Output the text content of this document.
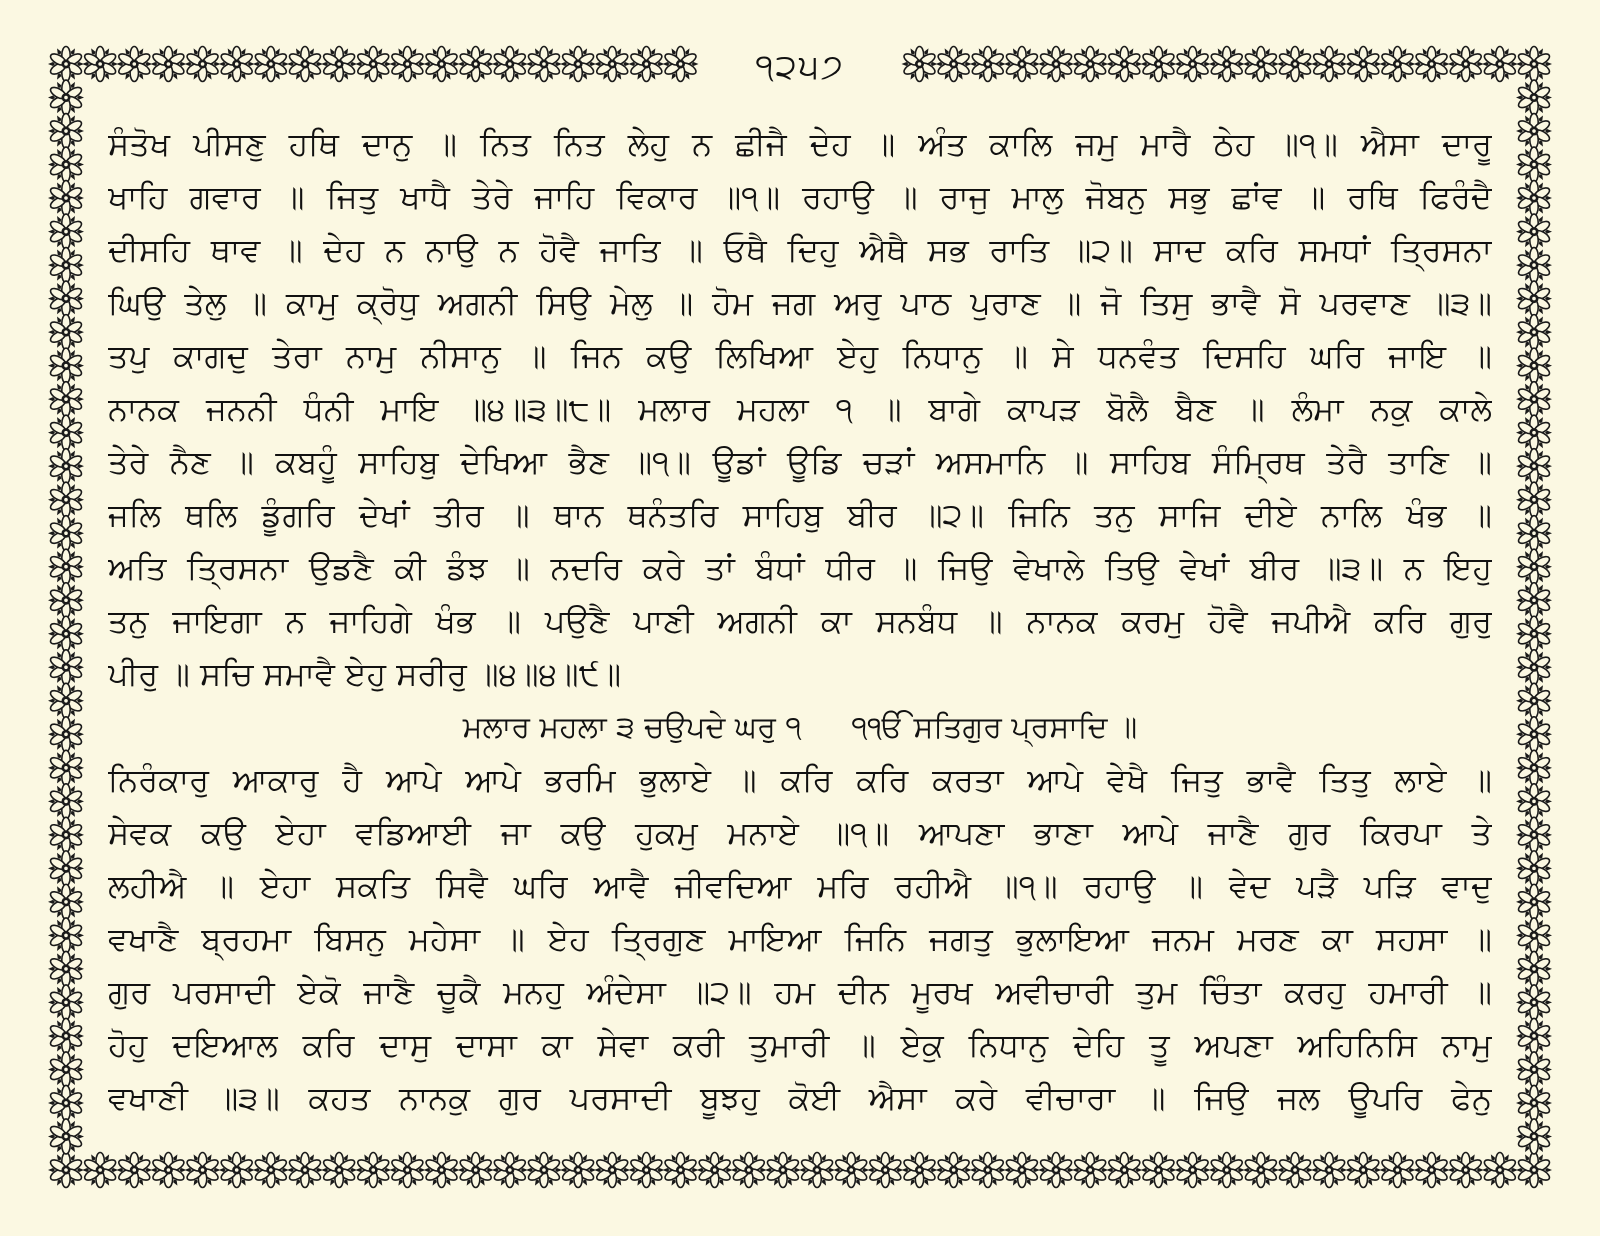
੧੨੫੭
ਸੰਤੋਖ ਪੀਸਣੁ ਹਥਿ ਦਾਨੁ ॥ ਨਿਤ ਨਿਤ ਲੇਹੁ ਨ ਛੀਜੈ ਦੇਹ ॥ ਅੰਤ ਕਾਲਿ ਜਮੁ ਮਾਰੈ ਠੇਹ ॥੧॥ ਐਸਾ ਦਾਰੂ
ਖਾਹਿ ਗਵਾਰ ॥ ਜਿਤੁ ਖਾਧੈ ਤੇਰੇ ਜਾਹਿ ਵਿਕਾਰ ॥੧॥ ਰਹਾਉ ॥ ਰਾਜੁ ਮਾਲੁ ਜੋਬਨੁ ਸਭੁ ਛਾਂਵ ॥ ਰਥਿ ਫਿਰੰਦੈ
ਦੀਸਹਿ ਥਾਵ ॥ ਦੇਹ ਨ ਨਾਉ ਨ ਹੋਵੈ ਜਾਤਿ ॥ ਓਥੈ ਦਿਹੁ ਐਥੈ ਸਭ ਰਾਤਿ ॥੨॥ ਸਾਦ ਕਰਿ ਸਮਧਾਂ ਤ੍ਰਿਸਨਾ
ਘਿਉ ਤੇਲੁ ॥ ਕਾਮੁ ਕ੍ਰੋਧੁ ਅਗਨੀ ਸਿਉ ਮੇਲੁ ॥ ਹੋਮ ਜਗ ਅਰੁ ਪਾਠ ਪੁਰਾਣ ॥ ਜੋ ਤਿਸੁ ਭਾਵੈ ਸੋ ਪਰਵਾਣ ॥੩॥
ਤਪੁ ਕਾਗਦੁ ਤੇਰਾ ਨਾਮੁ ਨੀਸਾਨੁ ॥ ਜਿਨ ਕਉ ਲਿਖਿਆ ਏਹੁ ਨਿਧਾਨੁ ॥ ਸੇ ਧਨਵੰਤ ਦਿਸਹਿ ਘਰਿ ਜਾਇ ॥
ਨਾਨਕ ਜਨਨੀ ਧੰਨੀ ਮਾਇ ॥੪॥੩॥੮॥ ਮਲਾਰ ਮਹਲਾ ੧ ॥ ਬਾਗੇ ਕਾਪੜ ਬੋਲੈ ਬੈਣ ॥ ਲੰਮਾ ਨਕੁ ਕਾਲੇ
ਤੇਰੇ ਨੈਣ ॥ ਕਬਹੂੰ ਸਾਹਿਬੁ ਦੇਖਿਆ ਭੈਣ ॥੧॥ ਊਡਾਂ ਊਡਿ ਚੜਾਂ ਅਸਮਾਨਿ ॥ ਸਾਹਿਬ ਸੰਮ੍ਰਿਥ ਤੇਰੈ ਤਾਣਿ ॥
ਜਲਿ ਥਲਿ ਡੂੰਗਰਿ ਦੇਖਾਂ ਤੀਰ ॥ ਥਾਨ ਥਨੰਤਰਿ ਸਾਹਿਬੁ ਬੀਰ ॥੨॥ ਜਿਨਿ ਤਨੁ ਸਾਜਿ ਦੀਏ ਨਾਲਿ ਖੰਭ ॥
ਅਤਿ ਤ੍ਰਿਸਨਾ ਉਡਣੈ ਕੀ ਡੰਝ ॥ ਨਦਰਿ ਕਰੇ ਤਾਂ ਬੰਧਾਂ ਧੀਰ ॥ ਜਿਉ ਵੇਖਾਲੇ ਤਿਉ ਵੇਖਾਂ ਬੀਰ ॥੩॥ ਨ ਇਹੁ
ਤਨੁ ਜਾਇਗਾ ਨ ਜਾਹਿਗੇ ਖੰਭ ॥ ਪਉਣੈ ਪਾਣੀ ਅਗਨੀ ਕਾ ਸਨਬੰਧ ॥ ਨਾਨਕ ਕਰਮੁ ਹੋਵੈ ਜਪੀਐ ਕਰਿ ਗੁਰੁ
ਪੀਰੁ ॥ ਸਚਿ ਸਮਾਵੈ ਏਹੁ ਸਰੀਰੁ ॥੪॥੪॥੯॥
ਮਲਾਰ ਮਹਲਾ ੩ ਚਉਪਦੇ ਘਰੁ ੧ ੧ੴ ਸਤਿਗੁਰ ਪ੍ਰਸਾਦਿ ॥
ਨਿਰੰਕਾਰੁ ਆਕਾਰੁ ਹੈ ਆਪੇ ਆਪੇ ਭਰਮਿ ਭੁਲਾਏ ॥ ਕਰਿ ਕਰਿ ਕਰਤਾ ਆਪੇ ਵੇਖੈ ਜਿਤੁ ਭਾਵੈ ਤਿਤੁ ਲਾਏ ॥
ਸੇਵਕ ਕਉ ਏਹਾ ਵਡਿਆਈ ਜਾ ਕਉ ਹੁਕਮੁ ਮਨਾਏ ॥੧॥ ਆਪਣਾ ਭਾਣਾ ਆਪੇ ਜਾਣੈ ਗੁਰ ਕਿਰਪਾ ਤੇ
ਲਹੀਐ ॥ ਏਹਾ ਸਕਤਿ ਸਿਵੈ ਘਰਿ ਆਵੈ ਜੀਵਦਿਆ ਮਰਿ ਰਹੀਐ ॥੧॥ ਰਹਾਉ ॥ ਵੇਦ ਪੜੈ ਪੜਿ ਵਾਦੁ
ਵਖਾਣੈ ਬ੍ਰਹਮਾ ਬਿਸਨੁ ਮਹੇਸਾ ॥ ਏਹ ਤ੍ਰਿਗੁਣ ਮਾਇਆ ਜਿਨਿ ਜਗਤੁ ਭੁਲਾਇਆ ਜਨਮ ਮਰਣ ਕਾ ਸਹਸਾ ॥
ਗੁਰ ਪਰਸਾਦੀ ਏਕੋ ਜਾਣੈ ਚੂਕੈ ਮਨਹੁ ਅੰਦੇਸਾ ॥੨॥ ਹਮ ਦੀਨ ਮੂਰਖ ਅਵੀਚਾਰੀ ਤੁਮ ਚਿੰਤਾ ਕਰਹੁ ਹਮਾਰੀ ॥
ਹੋਹੁ ਦਇਆਲ ਕਰਿ ਦਾਸੁ ਦਾਸਾ ਕਾ ਸੇਵਾ ਕਰੀ ਤੁਮਾਰੀ ॥ ਏਕੁ ਨਿਧਾਨੁ ਦੇਹਿ ਤੂ ਅਪਣਾ ਅਹਿਨਿਸਿ ਨਾਮੁ
ਵਖਾਣੀ ॥੩॥ ਕਹਤ ਨਾਨਕੁ ਗੁਰ ਪਰਸਾਦੀ ਬੂਝਹੁ ਕੋਈ ਐਸਾ ਕਰੇ ਵੀਚਾਰਾ ॥ ਜਿਉ ਜਲ ਊਪਰਿ ਫੇਨੁ
